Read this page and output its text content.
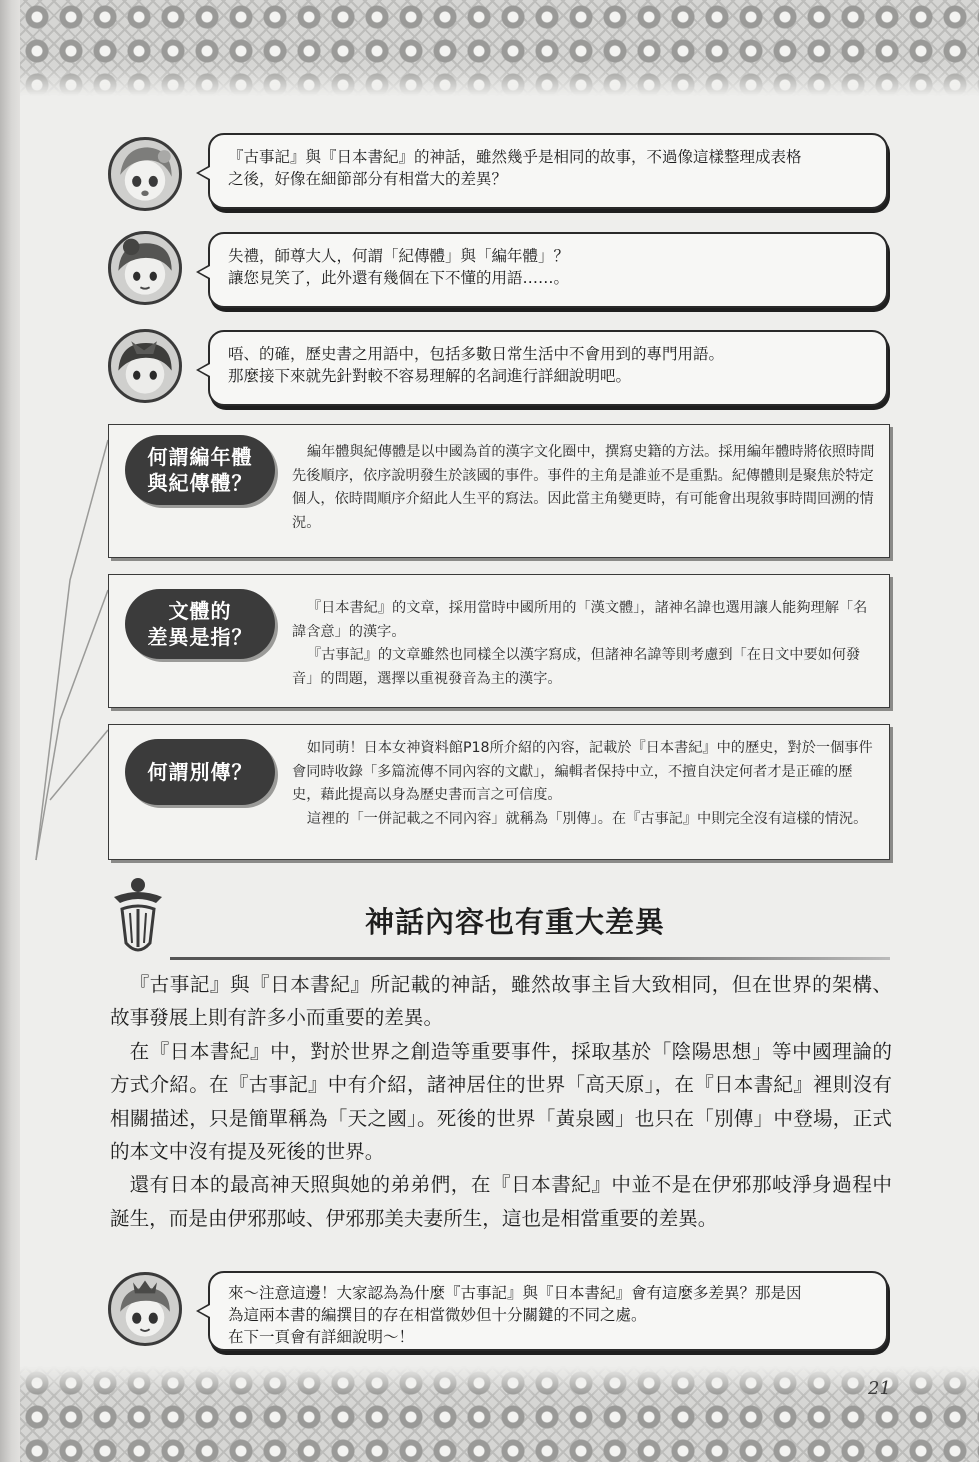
『古事記』與『日本書紀』的神話，雖然幾乎是相同的故事，不過像這樣整理成表格

之後，好像在細節部分有相當大的差異？

失禮，師尊大人，何謂「紀傳體」與「編年體」？

讓您見笑了，此外還有幾個在下不懂的用語……。

唔、的確，歷史書之用語中，包括多數日常生活中不會用到的專門用語。

那麼接下來就先針對較不容易理解的名詞進行詳細說明吧。

何謂編年體
與紀傳體？

編年體與紀傳體是以中國為首的漢字文化圈中，撰寫史籍的方法。採用編年體時將依照時間先後順序，依序說明發生於該國的事件。事件的主角是誰並不是重點。紀傳體則是聚焦於特定個人，依時間順序介紹此人生平的寫法。因此當主角變更時，有可能會出現敘事時間回溯的情況。

文體的
差異是指？

『日本書紀』的文章，採用當時中國所用的「漢文體」，諸神名諱也選用讓人能夠理解「名諱含意」的漢字。

『古事記』的文章雖然也同樣全以漢字寫成，但諸神名諱等則考慮到「在日文中要如何發音」的問題，選擇以重視發音為主的漢字。

何謂別傳？

如同萌！日本女神資料館P18所介紹的內容，記載於『日本書紀』中的歷史，對於一個事件會同時收錄「多篇流傳不同內容的文獻」，編輯者保持中立，不擅自決定何者才是正確的歷史，藉此提高以身為歷史書而言之可信度。

這裡的「一併記載之不同內容」就稱為「別傳」。在『古事記』中則完全沒有這樣的情況。

神話內容也有重大差異

『古事記』與『日本書紀』所記載的神話，雖然故事主旨大致相同，但在世界的架構、故事發展上則有許多小而重要的差異。

在『日本書紀』中，對於世界之創造等重要事件，採取基於「陰陽思想」等中國理論的方式介紹。在『古事記』中有介紹，諸神居住的世界「高天原」，在『日本書紀』裡則沒有相關描述，只是簡單稱為「天之國」。死後的世界「黃泉國」也只在「別傳」中登場，正式的本文中沒有提及死後的世界。

還有日本的最高神天照與她的弟弟們，在『日本書紀』中並不是在伊邪那岐淨身過程中誕生，而是由伊邪那岐、伊邪那美夫妻所生，這也是相當重要的差異。

來～注意這邊！大家認為為什麼『古事記』與『日本書紀』會有這麼多差異？那是因

為這兩本書的編撰目的存在相當微妙但十分關鍵的不同之處。

在下一頁會有詳細說明～！

21
